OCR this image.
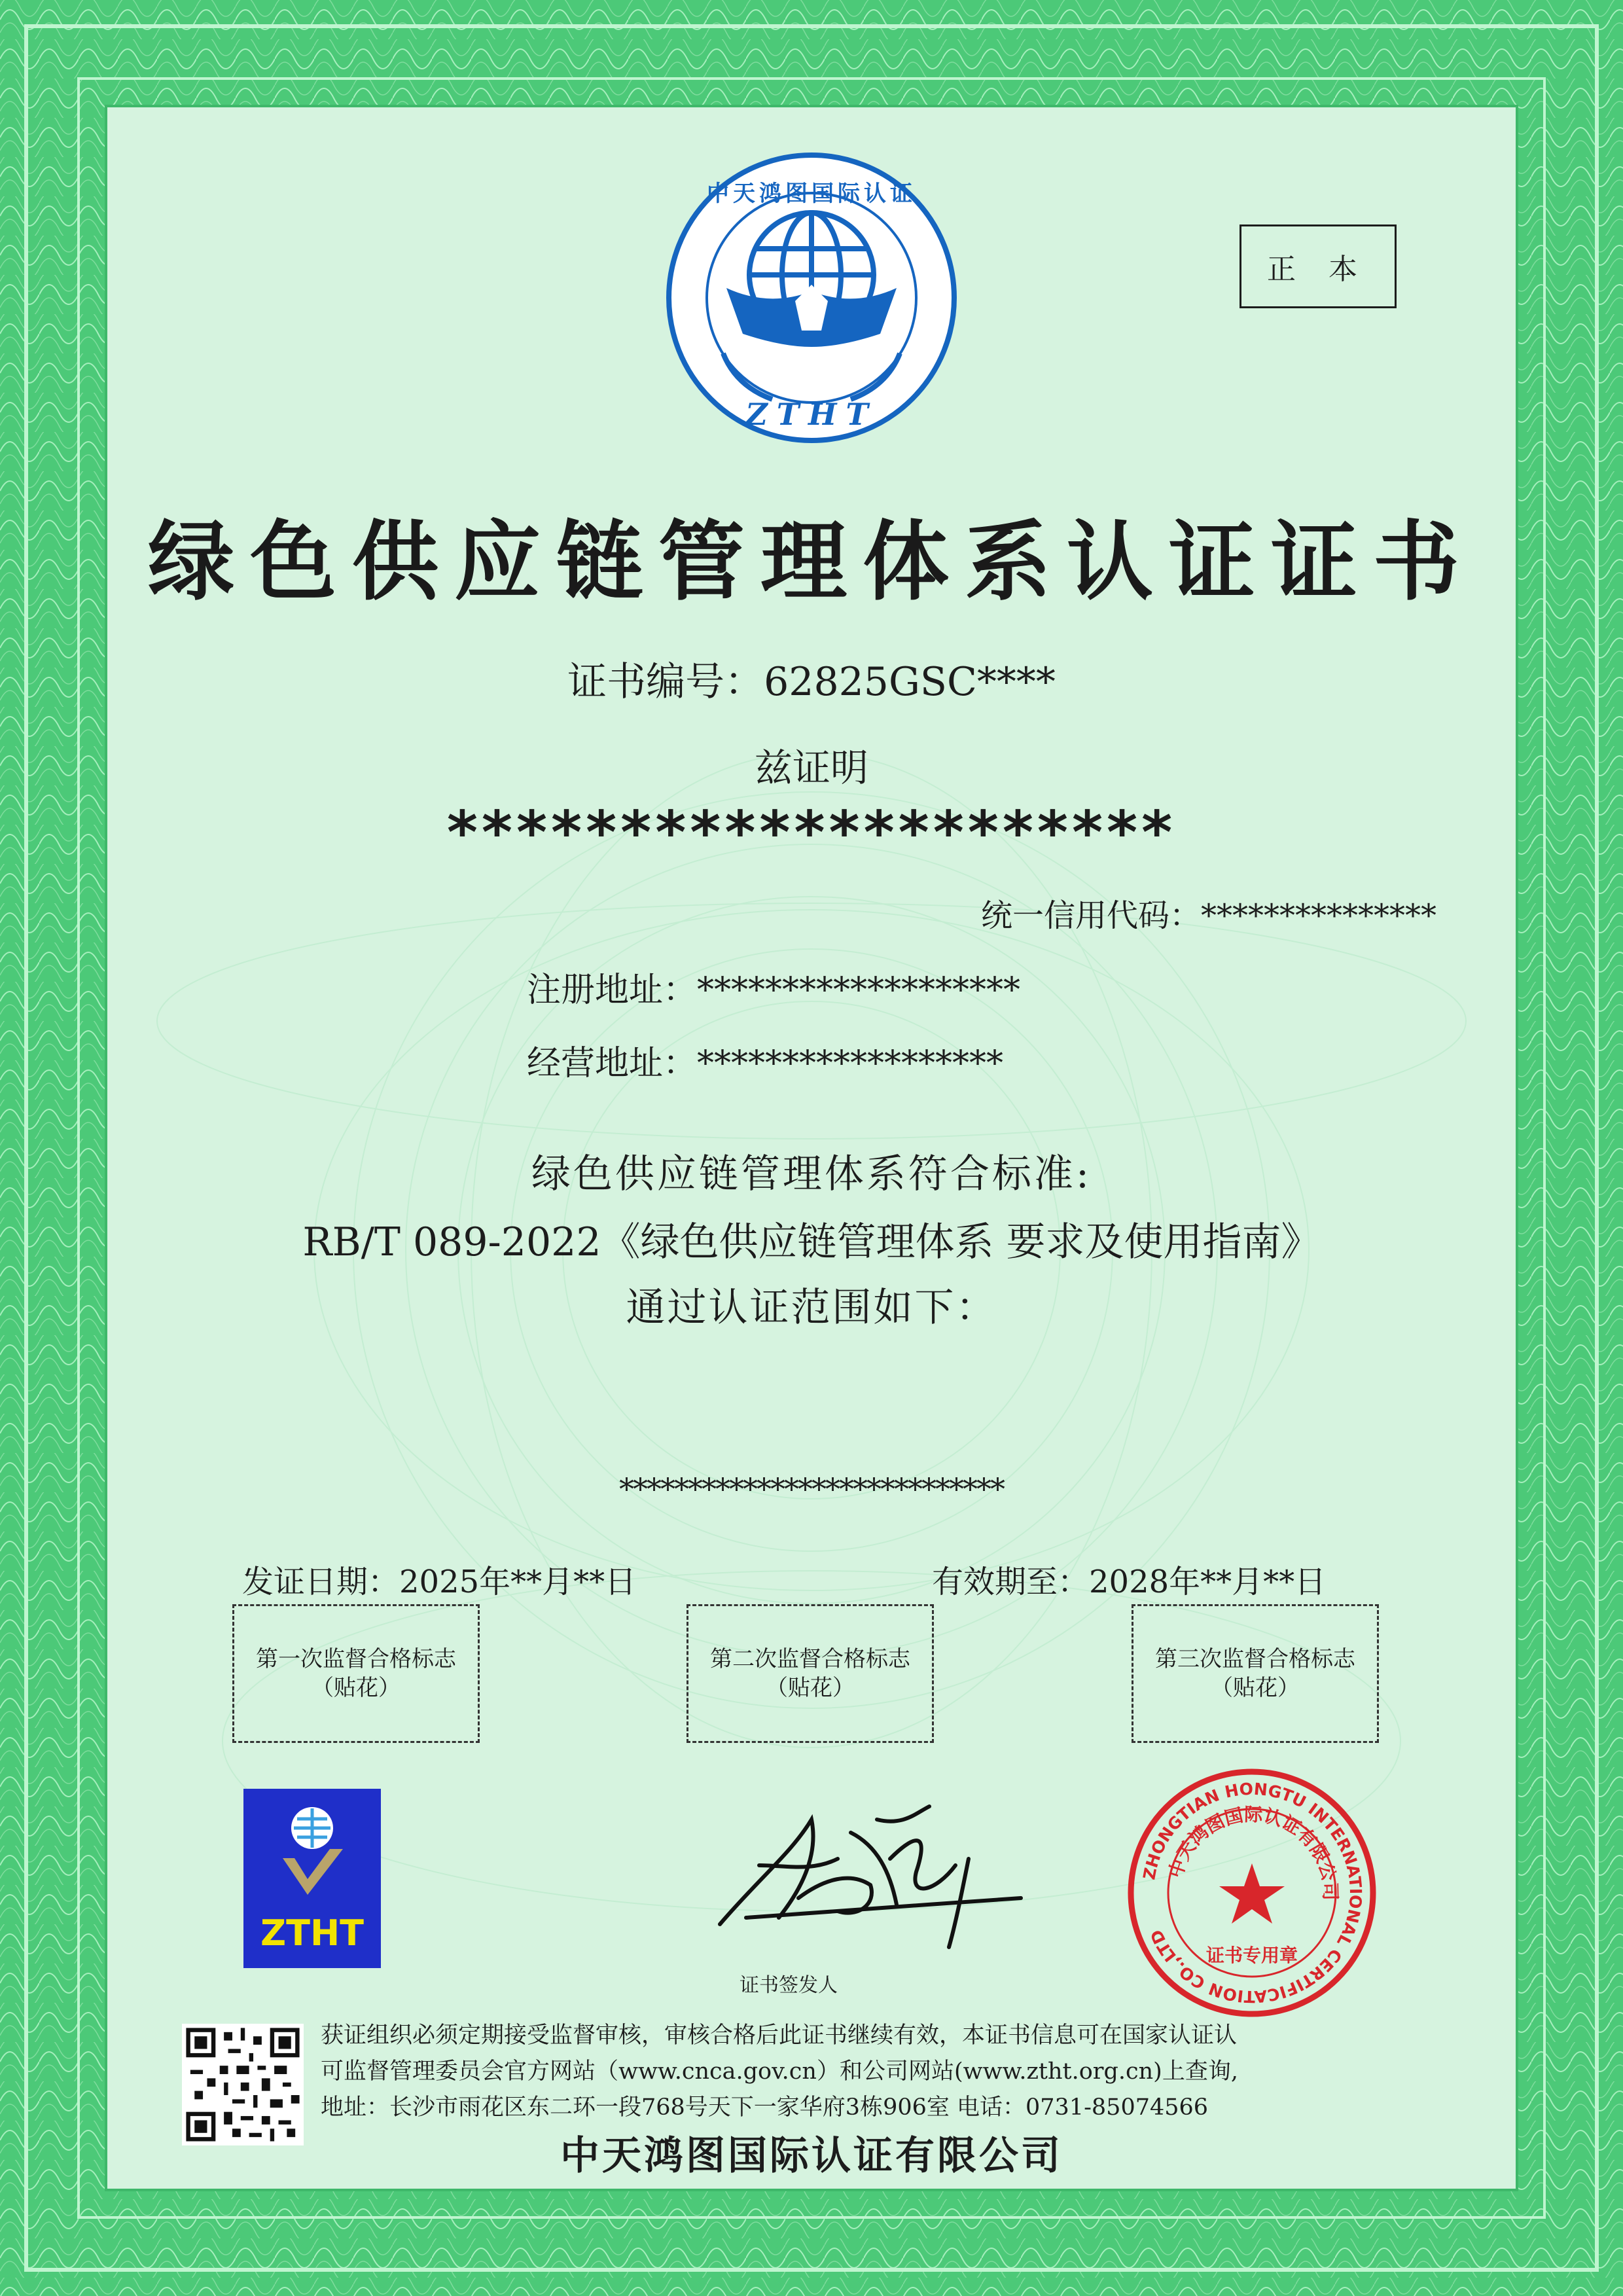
中天鸿图国际认证
ZTHT
正 本
绿色供应链管理体系认证证书
证书编号：62825GSC****
兹证明
*********************
统一信用代码：***************
注册地址：*******************
经营地址：******************
绿色供应链管理体系符合标准:
RB/T 089-2022《绿色供应链管理体系 要求及使用指南》
通过认证范围如下：
****************************
发证日期：2025年**月**日	有效期至：2028年**月**日
第一次监督合格标志
（贴花）
第二次监督合格标志
（贴花）
第三次监督合格标志
（贴花）
ZTHT
证书签发人
ZHONGTIAN HONGTU INTERNATIONAL CERTIFICATION CO.,LTD
中天鸿图国际认证有限公司
证书专用章
获证组织必须定期接受监督审核，审核合格后此证书继续有效，本证书信息可在国家认证认
可监督管理委员会官方网站（www.cnca.gov.cn）和公司网站(www.ztht.org.cn)上查询,
地址：长沙市雨花区东二环一段768号天下一家华府3栋906室 电话：0731-85074566
中天鸿图国际认证有限公司
